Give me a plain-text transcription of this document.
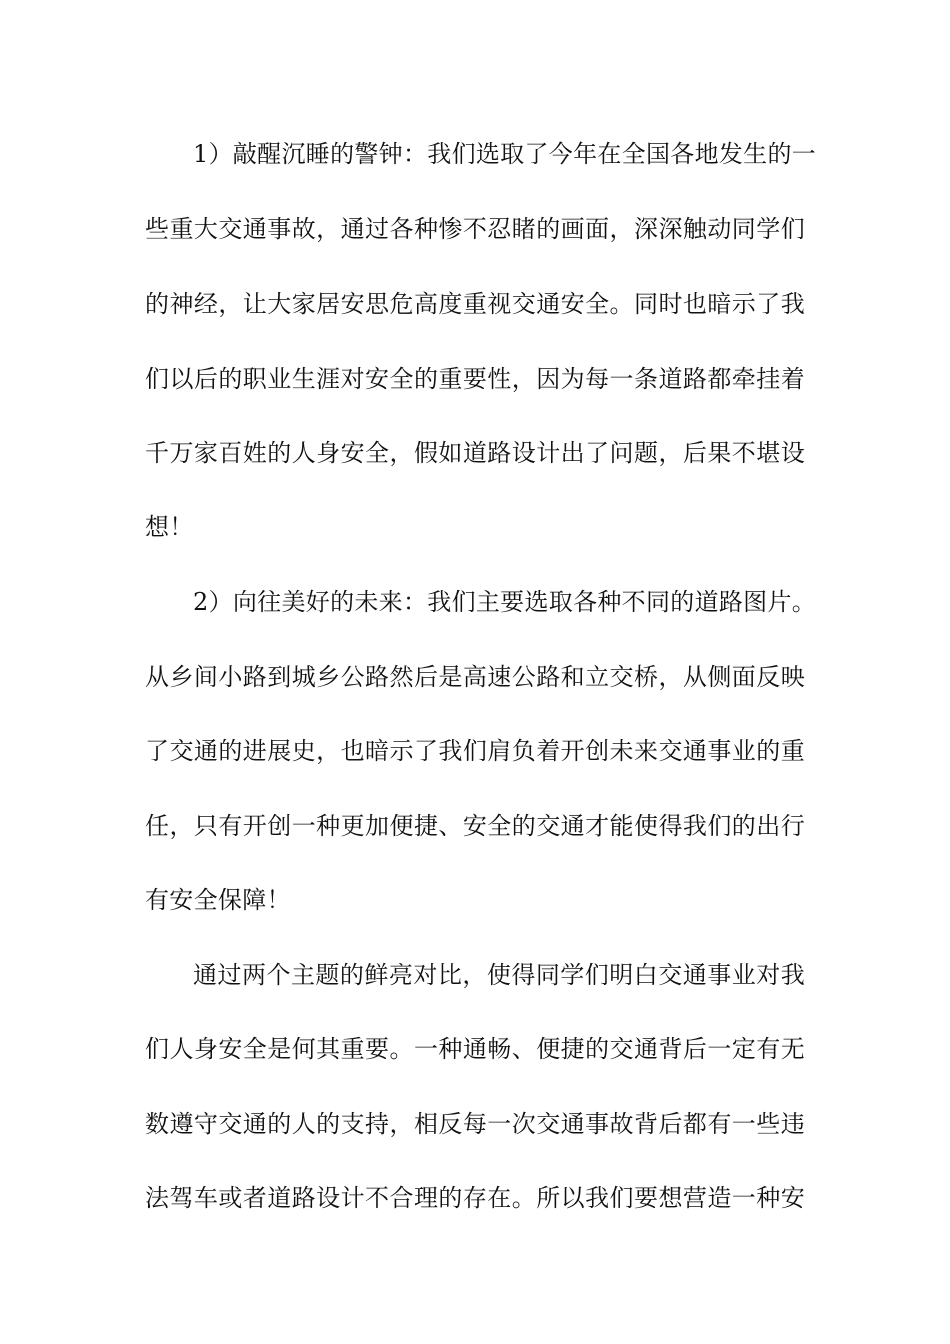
1）敲醒沉睡的警钟：我们选取了今年在全国各地发生的一
些重大交通事故，通过各种惨不忍睹的画面，深深触动同学们
的神经，让大家居安思危高度重视交通安全。同时也暗示了我
们以后的职业生涯对安全的重要性，因为每一条道路都牵挂着
千万家百姓的人身安全，假如道路设计出了问题，后果不堪设
想！
2）向往美好的未来：我们主要选取各种不同的道路图片。
从乡间小路到城乡公路然后是高速公路和立交桥，从侧面反映
了交通的进展史，也暗示了我们肩负着开创未来交通事业的重
任，只有开创一种更加便捷、安全的交通才能使得我们的出行
有安全保障！
通过两个主题的鲜亮对比，使得同学们明白交通事业对我
们人身安全是何其重要。一种通畅、便捷的交通背后一定有无
数遵守交通的人的支持，相反每一次交通事故背后都有一些违
法驾车或者道路设计不合理的存在。所以我们要想营造一种安
